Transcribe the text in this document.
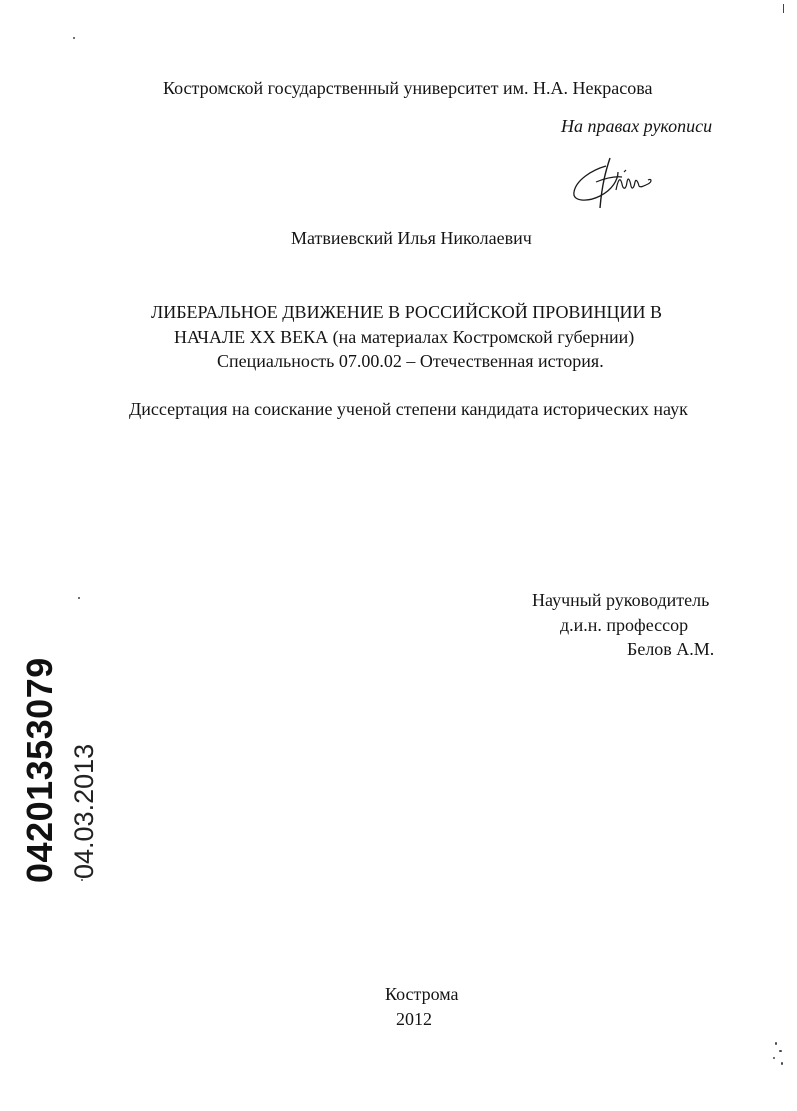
Костромской государственный университет им. Н.А. Некрасова
На правах рукописи
Матвиевский Илья Николаевич
ЛИБЕРАЛЬНОЕ ДВИЖЕНИЕ В РОССИЙСКОЙ ПРОВИНЦИИ В
НАЧАЛЕ XX ВЕКА (на материалах Костромской губернии)
Специальность 07.00.02 – Отечественная история.
Диссертация на соискание ученой степени кандидата исторических наук
Научный руководитель
д.и.н. профессор
Белов А.М.
Кострома
2012
04201353079 04.03.2013
